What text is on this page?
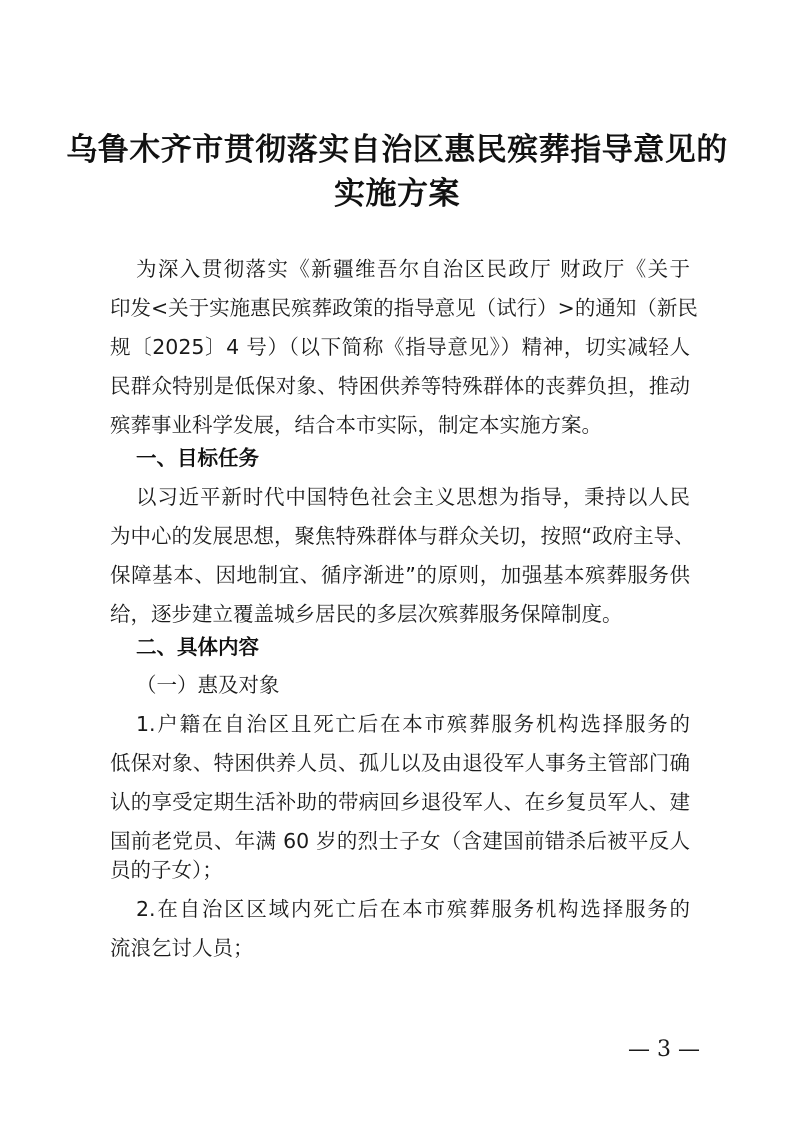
乌鲁木齐市贯彻落实自治区惠民殡葬指导意见的
实施方案
为深入贯彻落实《新疆维吾尔自治区民政厅 财政厅《关于
印发<关于实施惠民殡葬政策的指导意见（试行）>的通知（新民
规〔2025〕4 号）（以下简称《指导意见》）精神，切实减轻人
民群众特别是低保对象、特困供养等特殊群体的丧葬负担，推动
殡葬事业科学发展，结合本市实际，制定本实施方案。
一、目标任务
以习近平新时代中国特色社会主义思想为指导，秉持以人民
为中心的发展思想，聚焦特殊群体与群众关切，按照“政府主导、
保障基本、因地制宜、循序渐进”的原则，加强基本殡葬服务供
给，逐步建立覆盖城乡居民的多层次殡葬服务保障制度。
二、具体内容
（一）惠及对象
1.户籍在自治区且死亡后在本市殡葬服务机构选择服务的
低保对象、特困供养人员、孤儿以及由退役军人事务主管部门确
认的享受定期生活补助的带病回乡退役军人、在乡复员军人、建
国前老党员、年满 60 岁的烈士子女（含建国前错杀后被平反人
员的子女）；
2.在自治区区域内死亡后在本市殡葬服务机构选择服务的
流浪乞讨人员；
— 3 —
